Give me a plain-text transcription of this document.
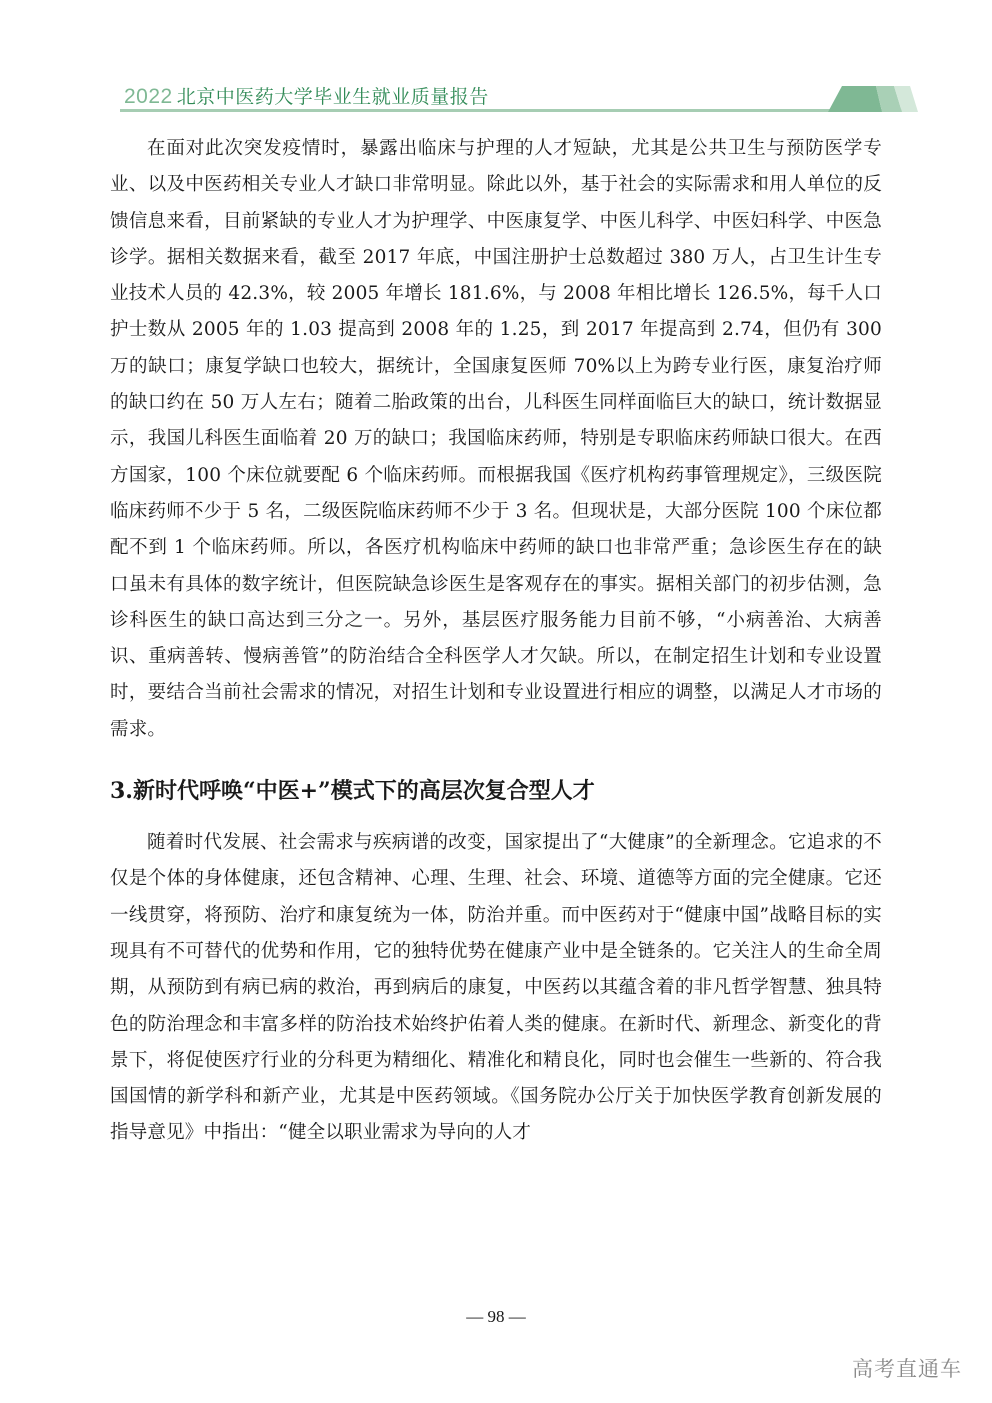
2022 北京中医药大学毕业生就业质量报告

在面对此次突发疫情时，暴露出临床与护理的人才短缺，尤其是公共卫生与预防医学专业、以及中医药相关专业人才缺口非常明显。除此以外，基于社会的实际需求和用人单位的反馈信息来看，目前紧缺的专业人才为护理学、中医康复学、中医儿科学、中医妇科学、中医急诊学。据相关数据来看，截至 2017 年底，中国注册护士总数超过 380 万人，占卫生计生专业技术人员的 42.3%，较 2005 年增长 181.6%，与 2008 年相比增长 126.5%，每千人口护士数从 2005 年的 1.03 提高到 2008 年的 1.25，到 2017 年提高到 2.74，但仍有 300 万的缺口；康复学缺口也较大，据统计，全国康复医师 70%以上为跨专业行医，康复治疗师的缺口约在 50 万人左右；随着二胎政策的出台，儿科医生同样面临巨大的缺口，统计数据显示，我国儿科医生面临着 20 万的缺口；我国临床药师，特别是专职临床药师缺口很大。在西方国家，100 个床位就要配 6 个临床药师。而根据我国《医疗机构药事管理规定》，三级医院临床药师不少于 5 名，二级医院临床药师不少于 3 名。但现状是，大部分医院 100 个床位都配不到 1 个临床药师。所以，各医疗机构临床中药师的缺口也非常严重；急诊医生存在的缺口虽未有具体的数字统计，但医院缺急诊医生是客观存在的事实。据相关部门的初步估测，急诊科医生的缺口高达到三分之一。另外，基层医疗服务能力目前不够，“小病善治、大病善识、重病善转、慢病善管”的防治结合全科医学人才欠缺。所以，在制定招生计划和专业设置时，要结合当前社会需求的情况，对招生计划和专业设置进行相应的调整，以满足人才市场的需求。

3.新时代呼唤“中医+”模式下的高层次复合型人才

随着时代发展、社会需求与疾病谱的改变，国家提出了“大健康”的全新理念。它追求的不仅是个体的身体健康，还包含精神、心理、生理、社会、环境、道德等方面的完全健康。它还一线贯穿，将预防、治疗和康复统为一体，防治并重。而中医药对于“健康中国”战略目标的实现具有不可替代的优势和作用，它的独特优势在健康产业中是全链条的。它关注人的生命全周期，从预防到有病已病的救治，再到病后的康复，中医药以其蕴含着的非凡哲学智慧、独具特色的防治理念和丰富多样的防治技术始终护佑着人类的健康。在新时代、新理念、新变化的背景下，将促使医疗行业的分科更为精细化、精准化和精良化，同时也会催生一些新的、符合我国国情的新学科和新产业，尤其是中医药领域。《国务院办公厅关于加快医学教育创新发展的指导意见》中指出：“健全以职业需求为导向的人才

— 98 —
高考直通车
